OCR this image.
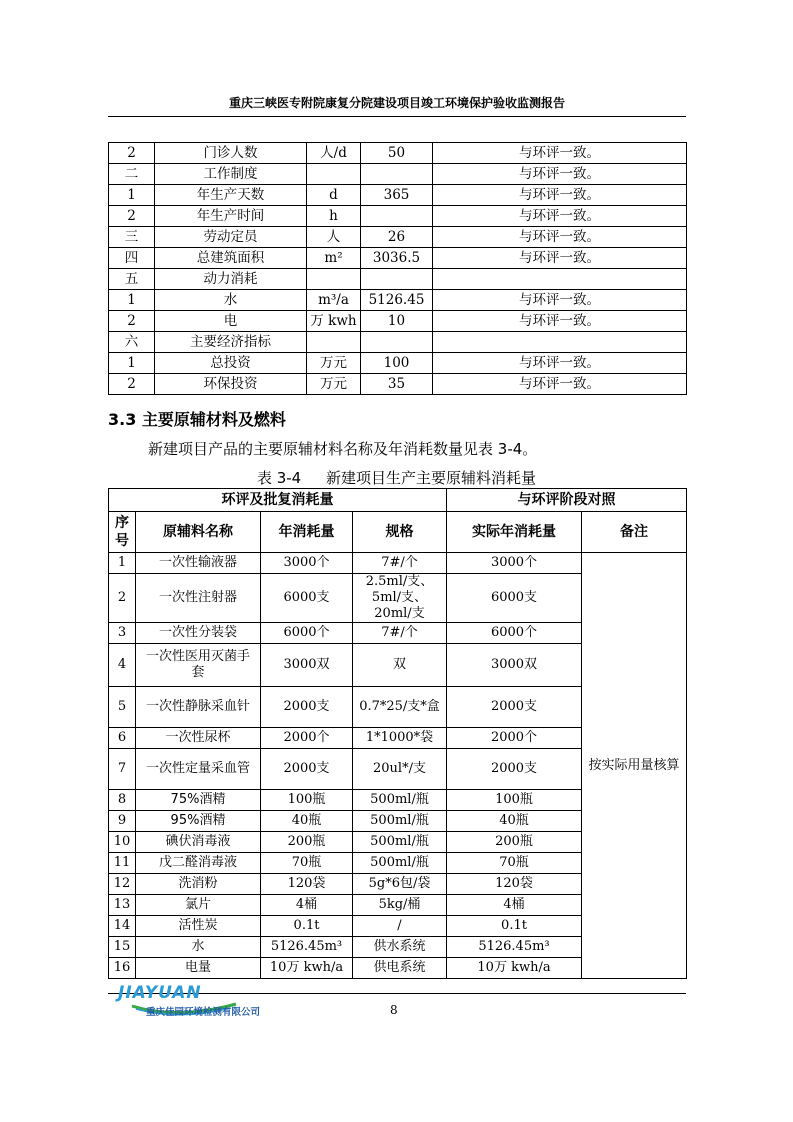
重庆三峡医专附院康复分院建设项目竣工环境保护验收监测报告
2	门诊人数	人/d	50	与环评一致。
二	工作制度			与环评一致。
1	年生产天数	d	365	与环评一致。
2	年生产时间	h		与环评一致。
三	劳动定员	人	26	与环评一致。
四	总建筑面积	m²	3036.5	与环评一致。
五	动力消耗			
1	水	m³/a	5126.45	与环评一致。
2	电	万 kwh	10	与环评一致。
六	主要经济指标			
1	总投资	万元	100	与环评一致。
2	环保投资	万元	35	与环评一致。
3.3 主要原辅材料及燃料
新建项目产品的主要原辅材料名称及年消耗数量见表 3-4。
表 3-4 新建项目生产主要原辅料消耗量
环评及批复消耗量				与环评阶段对照	
序号	原辅料名称	年消耗量	规格	实际年消耗量	备注
1	一次性输液器	3000个	7#/个	3000个	按实际用量核算
2	一次性注射器	6000支	2.5ml/支、5ml/支、20ml/支	6000支	
3	一次性分装袋	6000个	7#/个	6000个	
4	一次性医用灭菌手套	3000双	双	3000双	
5	一次性静脉采血针	2000支	0.7*25/支*盒	2000支	
6	一次性尿杯	2000个	1*1000*袋	2000个	
7	一次性定量采血管	2000支	20ul*/支	2000支	
8	75%酒精	100瓶	500ml/瓶	100瓶	
9	95%酒精	40瓶	500ml/瓶	40瓶	
10	碘伏消毒液	200瓶	500ml/瓶	200瓶	
11	戊二醛消毒液	70瓶	500ml/瓶	70瓶	
12	洗消粉	120袋	5g*6包/袋	120袋	
13	氯片	4桶	5kg/桶	4桶	
14	活性炭	0.1t	/	0.1t	
15	水	5126.45m³	供水系统	5126.45m³	
16	电量	10万 kwh/a	供电系统	10万 kwh/a	
JIAYUAN
重庆佳园环境检测有限公司	8
